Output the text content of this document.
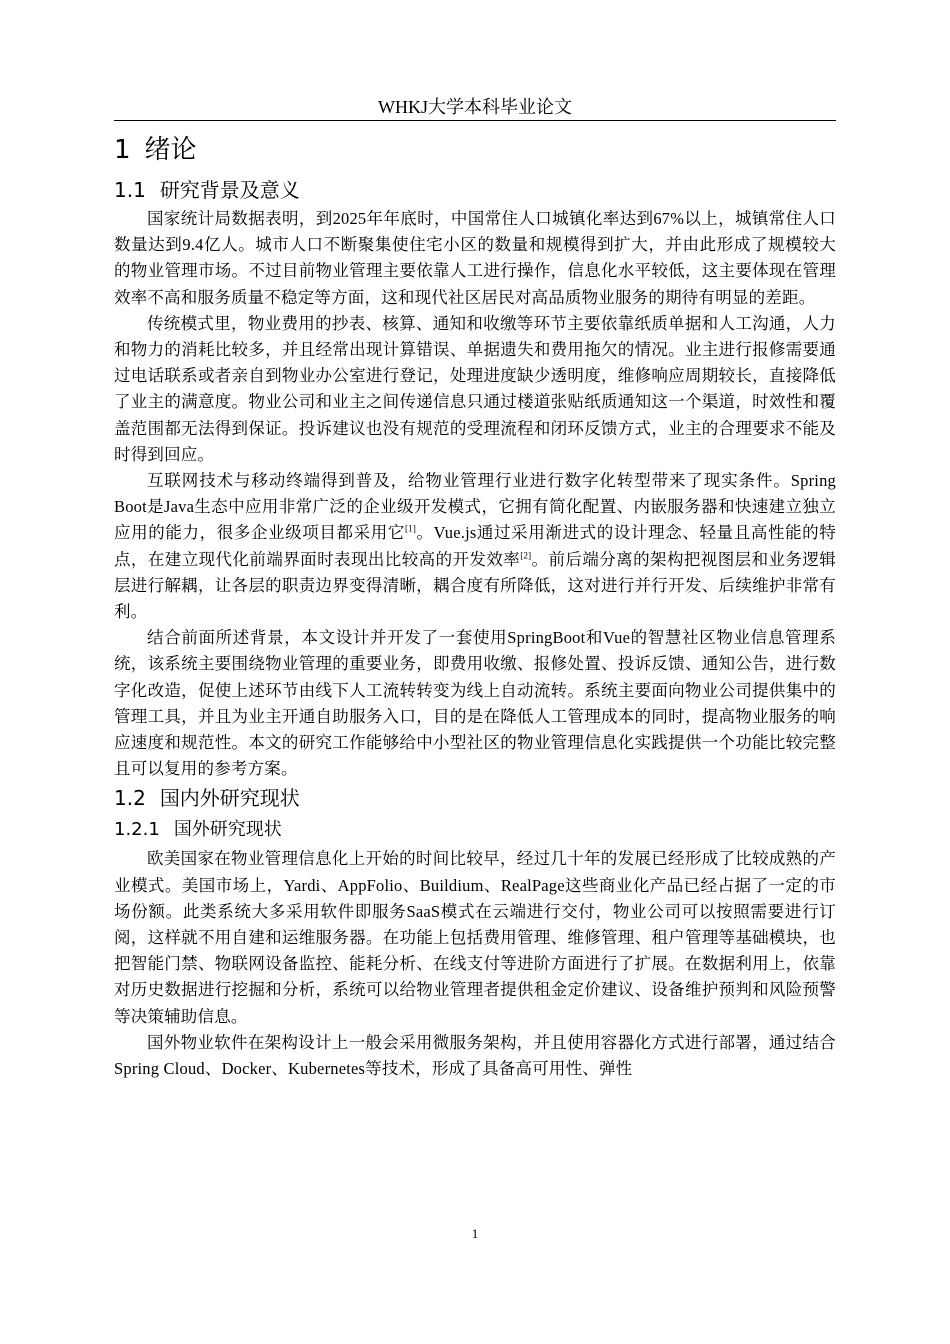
WHKJ大学本科毕业论文
1 绪论
1.1 研究背景及意义

国家统计局数据表明，到2025年年底时，中国常住人口城镇化率达到67%以上，城镇常住人口数量达到9.4亿人。城市人口不断聚集使住宅小区的数量和规模得到扩大，并由此形成了规模较大的物业管理市场。不过目前物业管理主要依靠人工进行操作，信息化水平较低，这主要体现在管理效率不高和服务质量不稳定等方面，这和现代社区居民对高品质物业服务的期待有明显的差距。

传统模式里，物业费用的抄表、核算、通知和收缴等环节主要依靠纸质单据和人工沟通，人力和物力的消耗比较多，并且经常出现计算错误、单据遗失和费用拖欠的情况。业主进行报修需要通过电话联系或者亲自到物业办公室进行登记，处理进度缺少透明度，维修响应周期较长，直接降低了业主的满意度。物业公司和业主之间传递信息只通过楼道张贴纸质通知这一个渠道，时效性和覆盖范围都无法得到保证。投诉建议也没有规范的受理流程和闭环反馈方式，业主的合理要求不能及时得到回应。

互联网技术与移动终端得到普及，给物业管理行业进行数字化转型带来了现实条件。Spring Boot是Java生态中应用非常广泛的企业级开发模式，它拥有简化配置、内嵌服务器和快速建立独立应用的能力，很多企业级项目都采用它[1]。Vue.js通过采用渐进式的设计理念、轻量且高性能的特点，在建立现代化前端界面时表现出比较高的开发效率[2]。前后端分离的架构把视图层和业务逻辑层进行解耦，让各层的职责边界变得清晰，耦合度有所降低，这对进行并行开发、后续维护非常有利。

结合前面所述背景，本文设计并开发了一套使用SpringBoot和Vue的智慧社区物业信息管理系统，该系统主要围绕物业管理的重要业务，即费用收缴、报修处置、投诉反馈、通知公告，进行数字化改造，促使上述环节由线下人工流转转变为线上自动流转。系统主要面向物业公司提供集中的管理工具，并且为业主开通自助服务入口，目的是在降低人工管理成本的同时，提高物业服务的响应速度和规范性。本文的研究工作能够给中小型社区的物业管理信息化实践提供一个功能比较完整且可以复用的参考方案。

1.2 国内外研究现状
1.2.1 国外研究现状

欧美国家在物业管理信息化上开始的时间比较早，经过几十年的发展已经形成了比较成熟的产业模式。美国市场上，Yardi、AppFolio、Buildium、RealPage这些商业化产品已经占据了一定的市场份额。此类系统大多采用软件即服务SaaS模式在云端进行交付，物业公司可以按照需要进行订阅，这样就不用自建和运维服务器。在功能上包括费用管理、维修管理、租户管理等基础模块，也把智能门禁、物联网设备监控、能耗分析、在线支付等进阶方面进行了扩展。在数据利用上，依靠对历史数据进行挖掘和分析，系统可以给物业管理者提供租金定价建议、设备维护预判和风险预警等决策辅助信息。

国外物业软件在架构设计上一般会采用微服务架构，并且使用容器化方式进行部署，通过结合Spring Cloud、Docker、Kubernetes等技术，形成了具备高可用性、弹性

1
